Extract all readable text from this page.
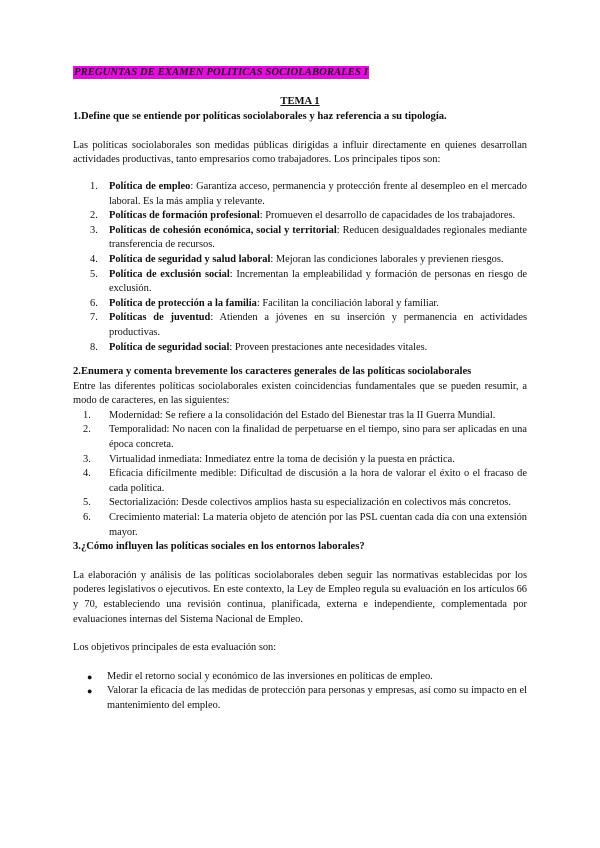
PREGUNTAS DE EXAMEN POLITICAS SOCIOLABORALES I

TEMA 1

1.Define que se entiende por políticas sociolaborales y haz referencia a su tipología.

Las políticas sociolaborales son medidas públicas dirigidas a influir directamente en quienes desarrollan actividades productivas, tanto empresarios como trabajadores. Los principales tipos son:

1.	Política de empleo: Garantiza acceso, permanencia y protección frente al desempleo en el mercado laboral. Es la más amplia y relevante.
2.	Políticas de formación profesional: Promueven el desarrollo de capacidades de los trabajadores.
3.	Políticas de cohesión económica, social y territorial: Reducen desigualdades regionales mediante transferencia de recursos.
4.	Política de seguridad y salud laboral: Mejoran las condiciones laborales y previenen riesgos.
5.	Política de exclusión social: Incrementan la empleabilidad y formación de personas en riesgo de exclusión.
6.	Política de protección a la familia: Facilitan la conciliación laboral y familiar.
7.	Políticas de juventud: Atienden a jóvenes en su inserción y permanencia en actividades productivas.
8.	Política de seguridad social: Proveen prestaciones ante necesidades vitales.

2.Enumera y comenta brevemente los caracteres generales de las políticas sociolaborales

Entre las diferentes políticas sociolaborales existen coincidencias fundamentales que se pueden resumir, a modo de caracteres, en las siguientes:

1.	Modernidad: Se refiere a la consolidación del Estado del Bienestar tras la II Guerra Mundial.
2.	Temporalidad: No nacen con la finalidad de perpetuarse en el tiempo, sino para ser aplicadas en una época concreta.
3.	Virtualidad inmediata: Inmediatez entre la toma de decisión y la puesta en práctica.
4.	Eficacia difícilmente medible: Dificultad de discusión a la hora de valorar el éxito o el fracaso de cada política.
5.	Sectorialización: Desde colectivos amplios hasta su especialización en colectivos más concretos.
6.	Crecimiento material: La materia objeto de atención por las PSL cuentan cada día con una extensión mayor.

3.¿Cómo influyen las políticas sociales en los entornos laborales?

La elaboración y análisis de las políticas sociolaborales deben seguir las normativas establecidas por los poderes legislativos o ejecutivos. En este contexto, la Ley de Empleo regula su evaluación en los artículos 66 y 70, estableciendo una revisión continua, planificada, externa e independiente, complementada por evaluaciones internas del Sistema Nacional de Empleo.

Los objetivos principales de esta evaluación son:

● Medir el retorno social y económico de las inversiones en políticas de empleo.
● Valorar la eficacia de las medidas de protección para personas y empresas, así como su impacto en el mantenimiento del empleo.
